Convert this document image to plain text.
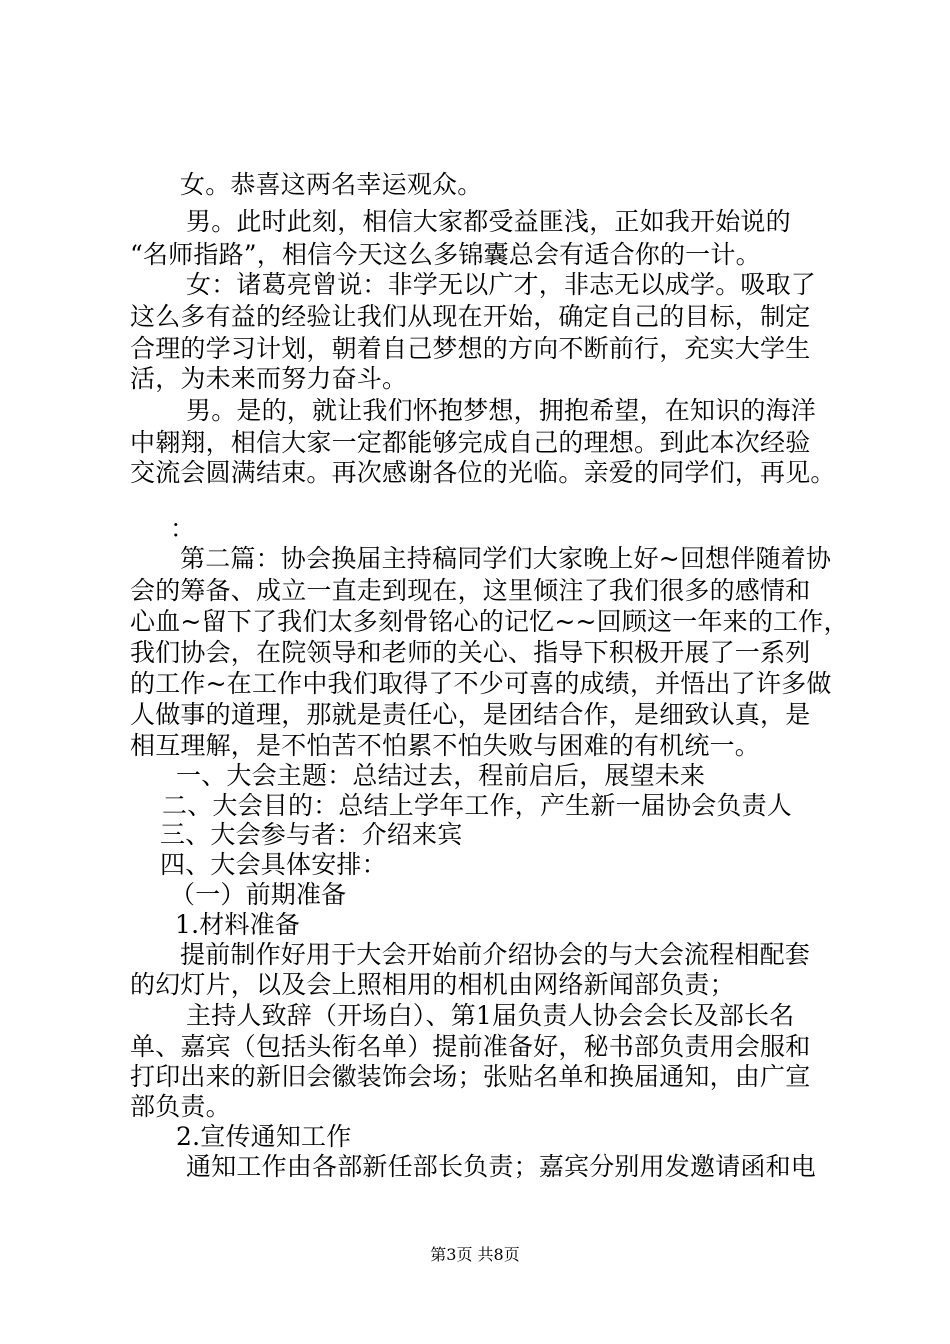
女。恭喜这两名幸运观众。
男。此时此刻，相信大家都受益匪浅，正如我开始说的
“名师指路”，相信今天这么多锦囊总会有适合你的一计。
女：诸葛亮曾说：非学无以广才，非志无以成学。吸取了
这么多有益的经验让我们从现在开始，确定自己的目标，制定
合理的学习计划，朝着自己梦想的方向不断前行，充实大学生
活，为未来而努力奋斗。
男。是的，就让我们怀抱梦想，拥抱希望，在知识的海洋
中翱翔，相信大家一定都能够完成自己的理想。到此本次经验
交流会圆满结束。再次感谢各位的光临。亲爱的同学们，再见。
：
第二篇：协会换届主持稿同学们大家晚上好~回想伴随着协
会的筹备、成立一直走到现在，这里倾注了我们很多的感情和
心血~留下了我们太多刻骨铭心的记忆~~回顾这一年来的工作，
我们协会，在院领导和老师的关心、指导下积极开展了一系列
的工作~在工作中我们取得了不少可喜的成绩，并悟出了许多做
人做事的道理，那就是责任心，是团结合作，是细致认真，是
相互理解，是不怕苦不怕累不怕失败与困难的有机统一。
一、大会主题：总结过去，程前启后，展望未来
二、大会目的：总结上学年工作，产生新一届协会负责人
三、大会参与者：介绍来宾
四、大会具体安排：
（一）前期准备
1.材料准备
提前制作好用于大会开始前介绍协会的与大会流程相配套
的幻灯片，以及会上照相用的相机由网络新闻部负责；
主持人致辞（开场白）、第1届负责人协会会长及部长名
单、嘉宾（包括头衔名单）提前准备好，秘书部负责用会服和
打印出来的新旧会徽装饰会场；张贴名单和换届通知，由广宣
部负责。
2.宣传通知工作
通知工作由各部新任部长负责；嘉宾分别用发邀请函和电
第3页 共8页
